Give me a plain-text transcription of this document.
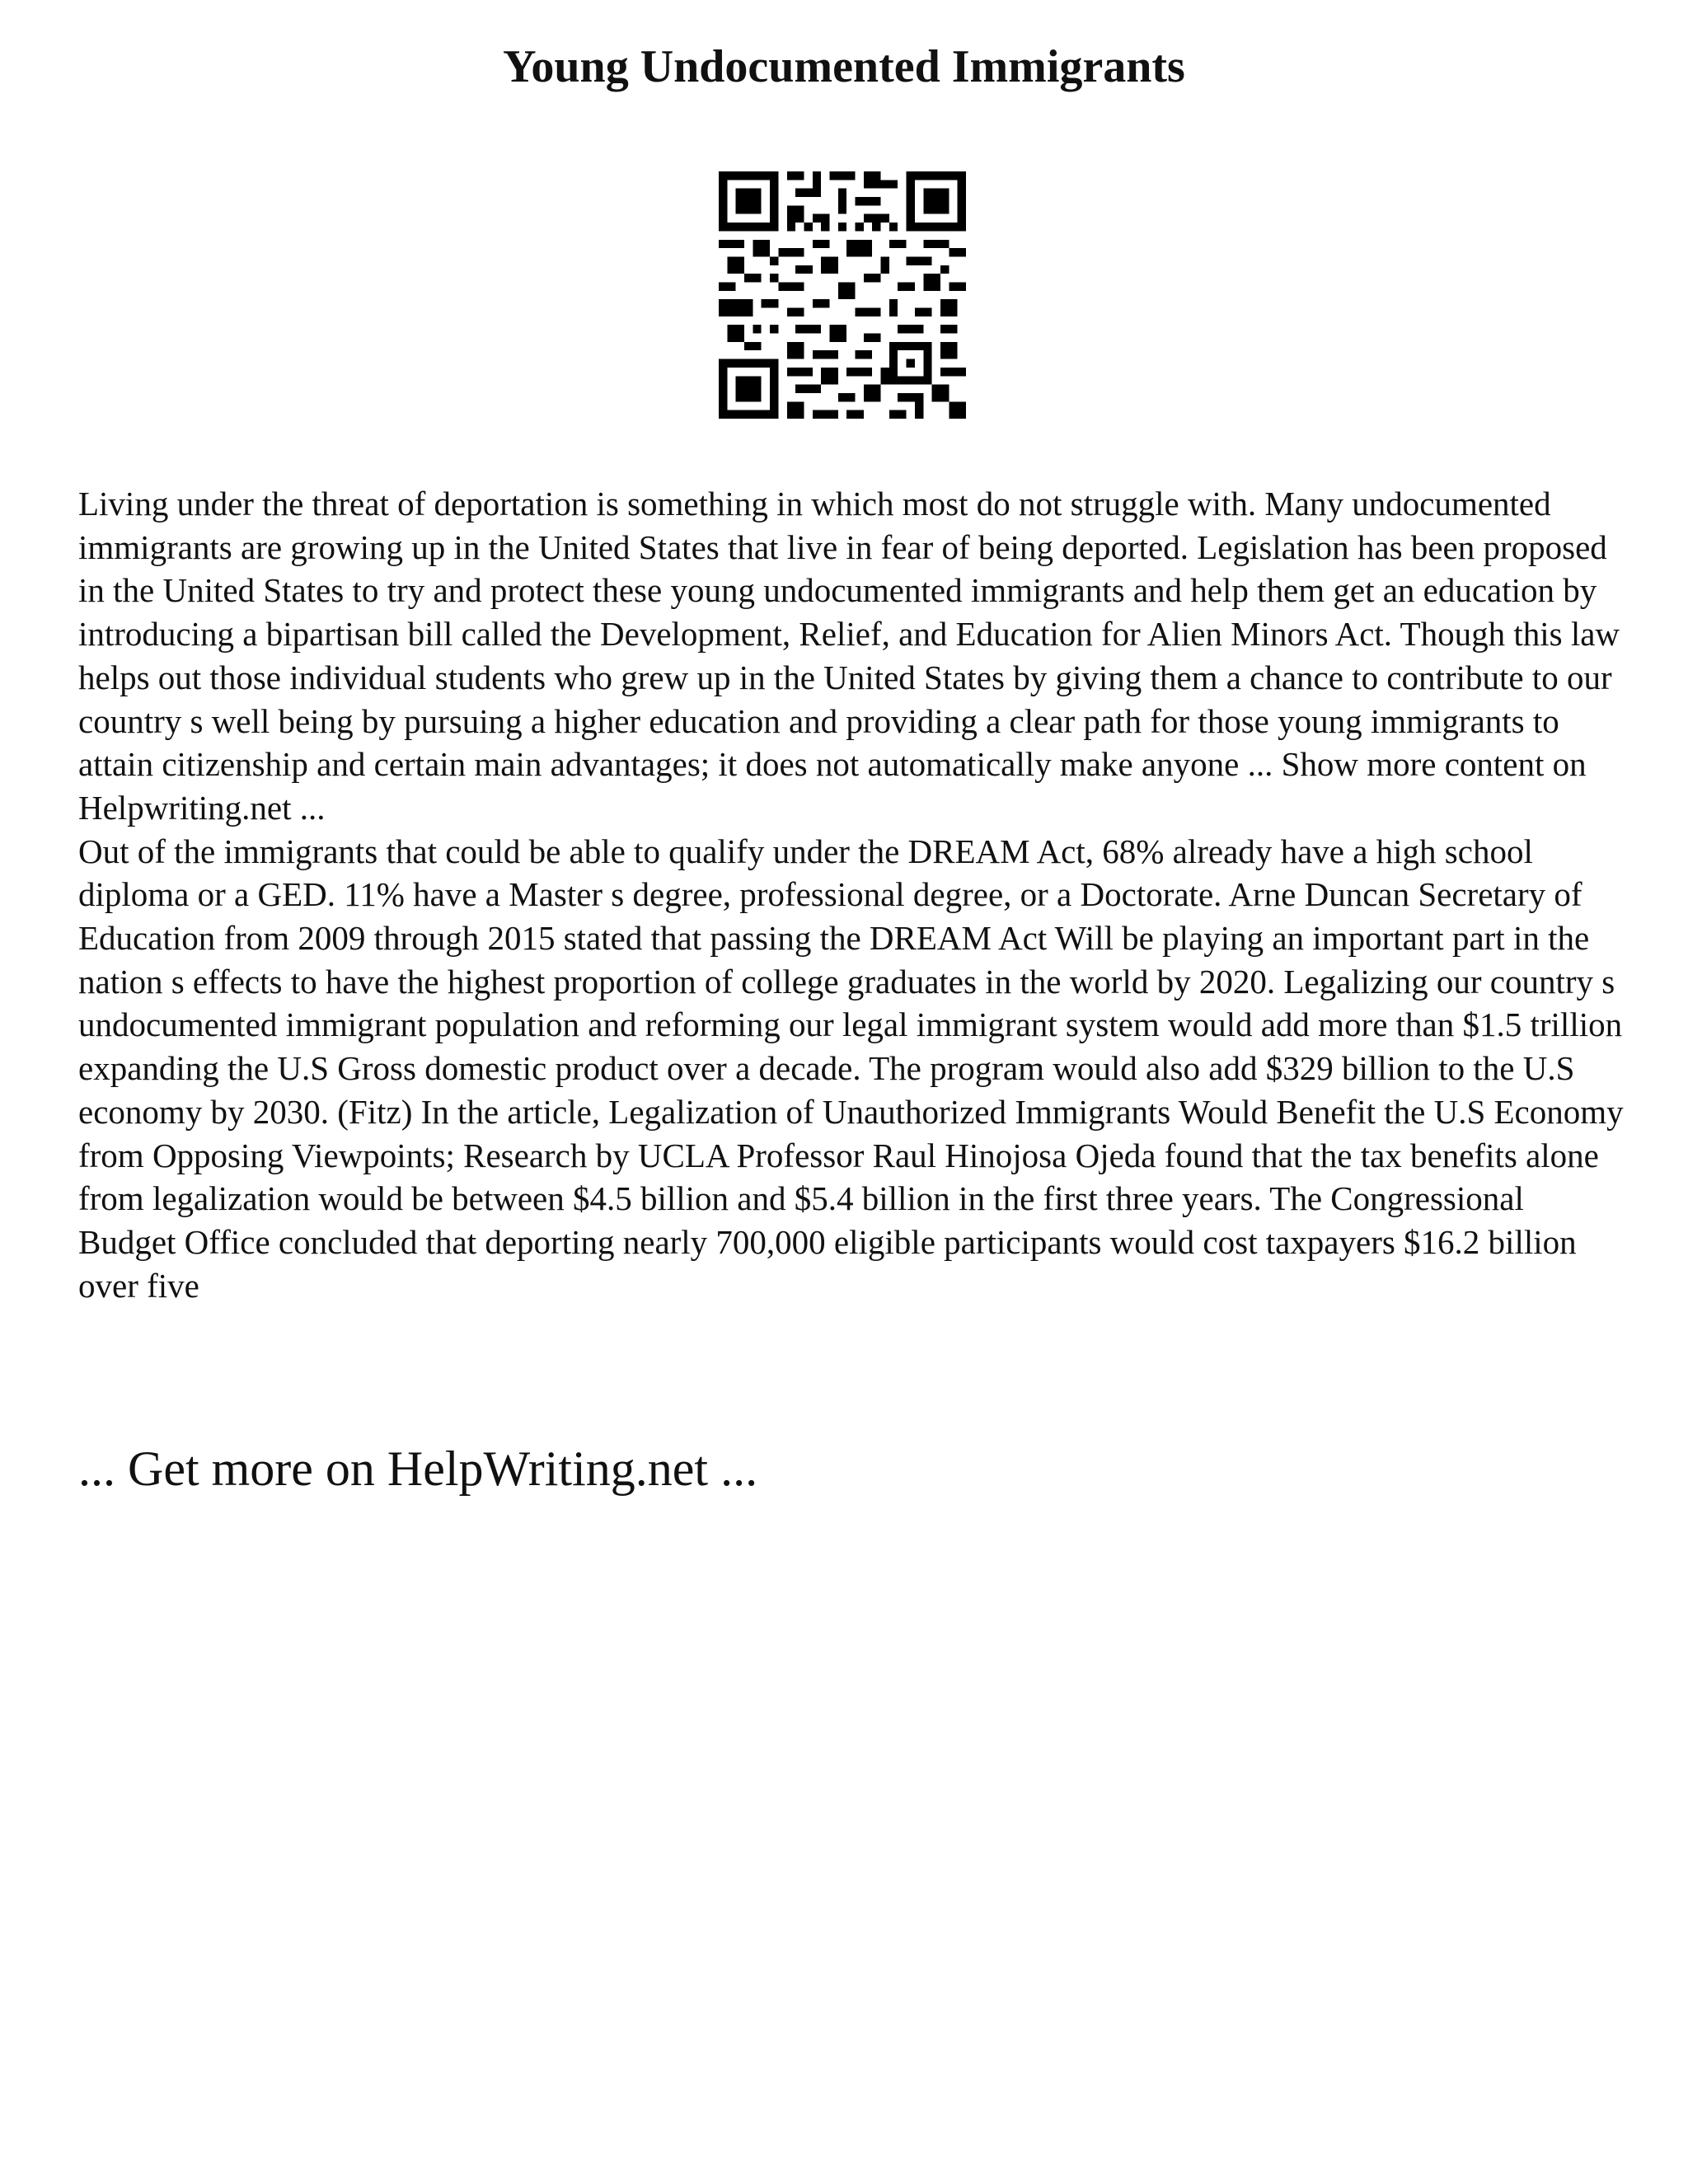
Young Undocumented Immigrants

Living under the threat of deportation is something in which most do not struggle with. Many undocumented immigrants are growing up in the United States that live in fear of being deported. Legislation has been proposed in the United States to try and protect these young undocumented immigrants and help them get an education by introducing a bipartisan bill called the Development, Relief, and Education for Alien Minors Act. Though this law helps out those individual students who grew up in the United States by giving them a chance to contribute to our country s well being by pursuing a higher education and providing a clear path for those young immigrants to attain citizenship and certain main advantages; it does not automatically make anyone ... Show more content on Helpwriting.net ...

Out of the immigrants that could be able to qualify under the DREAM Act, 68% already have a high school diploma or a GED. 11% have a Master s degree, professional degree, or a Doctorate. Arne Duncan Secretary of Education from 2009 through 2015 stated that passing the DREAM Act Will be playing an important part in the nation s effects to have the highest proportion of college graduates in the world by 2020. Legalizing our country s undocumented immigrant population and reforming our legal immigrant system would add more than $1.5 trillion expanding the U.S Gross domestic product over a decade. The program would also add $329 billion to the U.S economy by 2030. (Fitz) In the article, Legalization of Unauthorized Immigrants Would Benefit the U.S Economy from Opposing Viewpoints; Research by UCLA Professor Raul Hinojosa Ojeda found that the tax benefits alone from legalization would be between $4.5 billion and $5.4 billion in the first three years. The Congressional Budget Office concluded that deporting nearly 700,000 eligible participants would cost taxpayers $16.2 billion over five

... Get more on HelpWriting.net ...
